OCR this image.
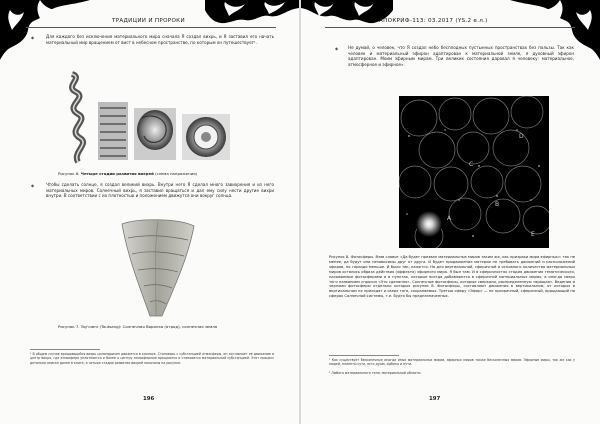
ТРАДИЦИИ И ПРОРОКИ
◆	Для каждого без исключения материального мира сначала Я создал вихрь, и Я заставил его начать материальный мир вращением от вист в небесном пространстве, по которым он путешествует¹.
Рисунок 6. Четыре стадии развития вихрей (схема напряжения)
◆	Чтобы сделать солнце, я создал великий вихрь. Внутри него Я сделал много завихрения и из него материальных миров. Солнечный вихрь, я заставил вращаться и дал ему силу нести другие вихри внутри. В соответствии с их плотностью и положением движутся они вокруг солнца.
Рисунок 7. Toy'cœnr (Toutsang): Солнечная Воронка (отрод), солнечная земля
¹ В общем случае вращающийся вихрь цилиндричен движется в космосе. Становясь с субстанцией атмосферы, он составляет её движение в центр вихря, где атмосфера уплотняется и более к центру атмосферные вращаются и становится материальной субстанцией. Этот процесс детально описан далее в книге, а четыре стадии развития вихрей показаны на рисунке.
196
АПОКРИФ-113: 03.2017 (YS.2 e.л.)
◆ Не думай, о человек, что Я создал небо бесплодных пустынных пространствах без пользы. Так как человек и материальный эфирон адаптирован к материальной земле, я духовный эфирон адаптирован. Моим эфирным мирам. Три великих состояния даровал я человеку: материальное, атмосферное и эфирное».
D
C
B
A
E
Рисунок 8. Фотосферы. Взяв славит «Да будет призван материальных миров таким же, как призраки мира эфирных»: так не менее, да будут они независимы друг от друга. И будет продвижение материи не требовать движений и расположений эфиров, но гораздо меньше. И было так, кажется. Но для вертикальной, сферичной и основного количества материальных миров остались образа действия (эффекта) эфирного мира. Я был там. И в сферичностях стадия движения тематического, называемые фотосферами и в пунктах, которые всегда добавляются в сферичной материальных мирах, а иногда сверх того названием спросил «Это сделанно». Солнечные фотосферы, которые сверкали, распределенную «вращая». Ведения и чернями фотосферы отдельно которых рисунок 8. Фотосферы, составляют движения в вертикальном, от которых в вертикальном не приходят и сверх того, сохраняемых. Третью сферу «Эфир» — не прозрачный, сферичный, вращающий на сферах Солнечной системы, т.е. будто бы предназначенных.
¹ Как существует бесконечные иногда иных материальных миров, эфирных миров также бесконечных миров. Эфирные миры, так же как у людей, планеты сути, есть души, орбиты и пути.
² Любого материального тела; материальной области.
197
